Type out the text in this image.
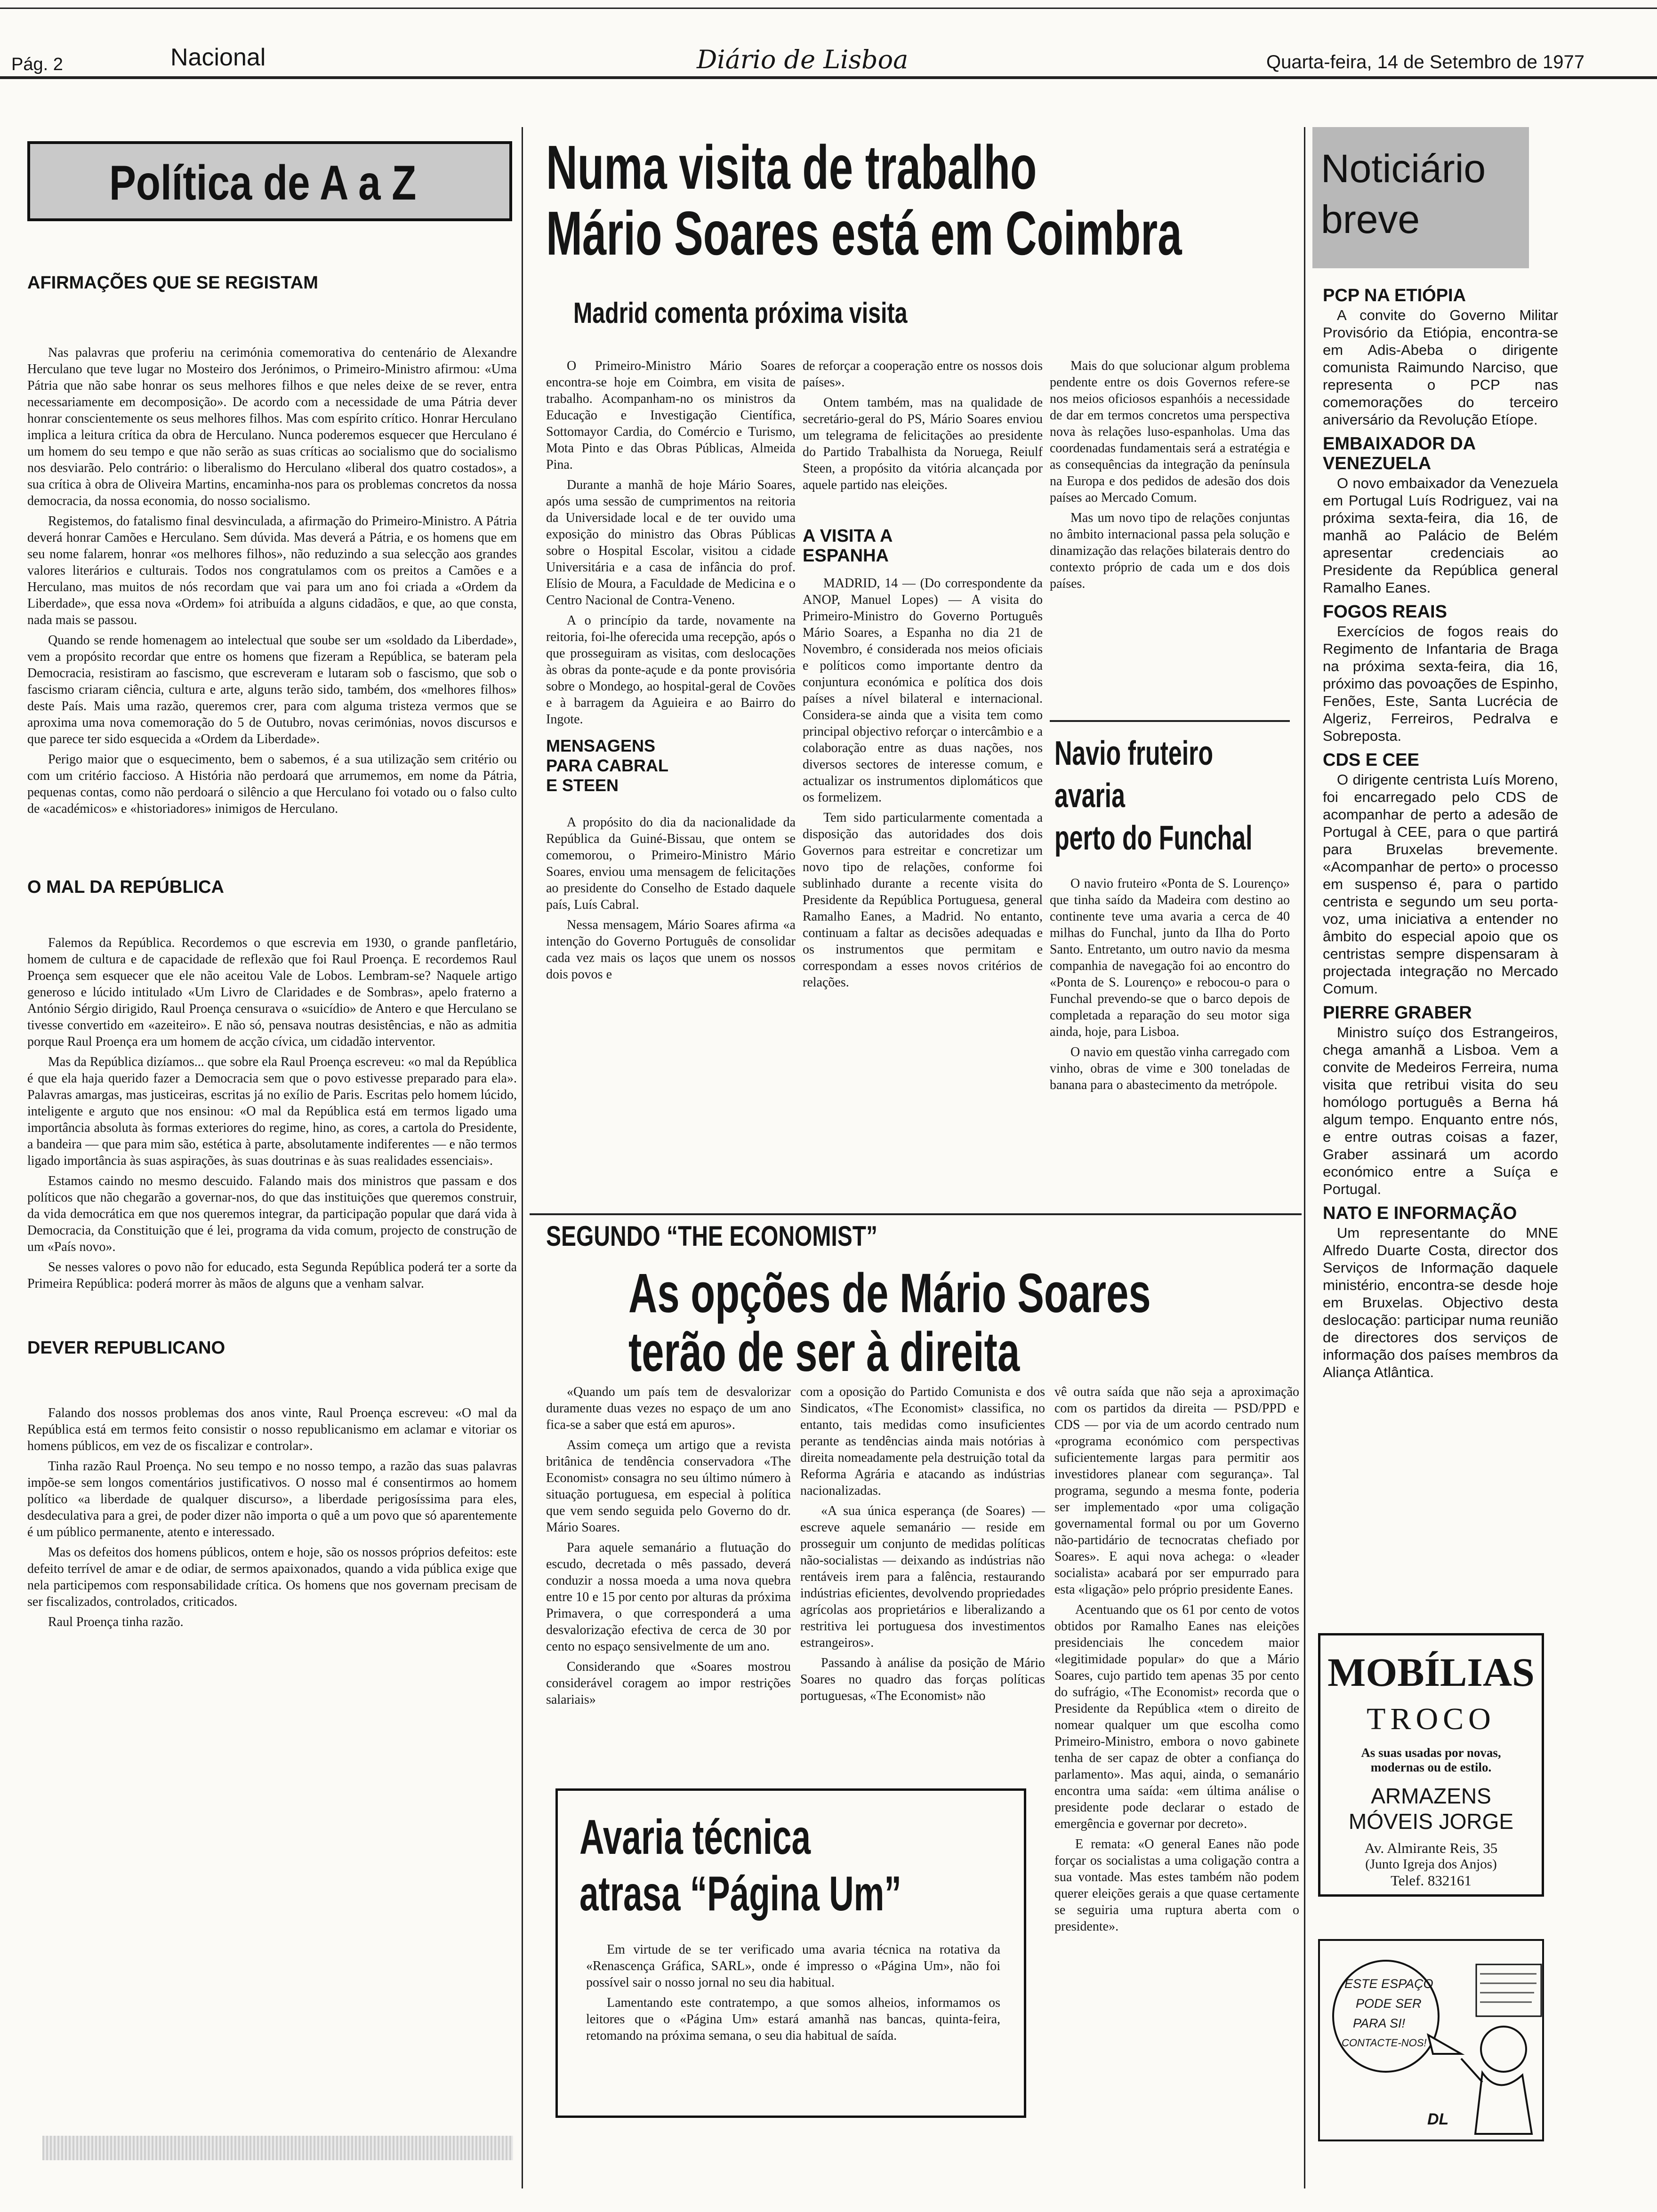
Pág. 2	Nacional	Diário de Lisboa	Quarta-feira, 14 de Setembro de 1977
Política de A a Z

AFIRMAÇÕES QUE SE REGISTAM

Nas palavras que proferiu na cerimónia comemorativa do centenário de Alexandre Herculano que teve lugar no Mosteiro dos Jerónimos, o Primeiro-Ministro afirmou: «Uma Pátria que não sabe honrar os seus melhores filhos e que neles deixe de se rever, entra necessariamente em decomposição». De acordo com a necessidade de uma Pátria dever honrar conscientemente os seus melhores filhos. Mas com espírito crítico. Honrar Herculano implica a leitura crítica da obra de Herculano. Nunca poderemos esquecer que Herculano é um homem do seu tempo e que não serão as suas críticas ao socialismo que do socialismo nos desviarão. Pelo contrário: o liberalismo do Herculano «liberal dos quatro costados», a sua crítica à obra de Oliveira Martins, encaminha-nos para os problemas concretos da nossa democracia, da nossa economia, do nosso socialismo.

Registemos, do fatalismo final desvinculada, a afirmação do Primeiro-Ministro. A Pátria deverá honrar Camões e Herculano. Sem dúvida. Mas deverá a Pátria, e os homens que em seu nome falarem, honrar «os melhores filhos», não reduzindo a sua selecção aos grandes valores literários e culturais. Todos nos congratulamos com os preitos a Camões e a Herculano, mas muitos de nós recordam que vai para um ano foi criada a «Ordem da Liberdade», que essa nova «Ordem» foi atribuída a alguns cidadãos, e que, ao que consta, nada mais se passou.

Quando se rende homenagem ao intelectual que soube ser um «soldado da Liberdade», vem a propósito recordar que entre os homens que fizeram a República, se bateram pela Democracia, resistiram ao fascismo, que escreveram e lutaram sob o fascismo, que sob o fascismo criaram ciência, cultura e arte, alguns terão sido, também, dos «melhores filhos» deste País. Mais uma razão, queremos crer, para com alguma tristeza vermos que se aproxima uma nova comemoração do 5 de Outubro, novas cerimónias, novos discursos e que parece ter sido esquecida a «Ordem da Liberdade».

Perigo maior que o esquecimento, bem o sabemos, é a sua utilização sem critério ou com um critério faccioso. A História não perdoará que arrumemos, em nome da Pátria, pequenas contas, como não perdoará o silêncio a que Herculano foi votado ou o falso culto de «académicos» e «historiadores» inimigos de Herculano.

O MAL DA REPÚBLICA

Falemos da República. Recordemos o que escrevia em 1930, o grande panfletário, homem de cultura e de capacidade de reflexão que foi Raul Proença. E recordemos Raul Proença sem esquecer que ele não aceitou Vale de Lobos. Lembram-se? Naquele artigo generoso e lúcido intitulado «Um Livro de Claridades e de Sombras», apelo fraterno a António Sérgio dirigido, Raul Proença censurava o «suicídio» de Antero e que Herculano se tivesse convertido em «azeiteiro». E não só, pensava noutras desistências, e não as admitia porque Raul Proença era um homem de acção cívica, um cidadão interventor.

Mas da República dizíamos... que sobre ela Raul Proença escreveu: «o mal da República é que ela haja querido fazer a Democracia sem que o povo estivesse preparado para ela». Palavras amargas, mas justiceiras, escritas já no exílio de Paris. Escritas pelo homem lúcido, inteligente e arguto que nos ensinou: «O mal da República está em termos ligado uma importância absoluta às formas exteriores do regime, hino, as cores, a cartola do Presidente, a bandeira — que para mim são, estética à parte, absolutamente indiferentes — e não termos ligado importância às suas aspirações, às suas doutrinas e às suas realidades essenciais».

Estamos caindo no mesmo descuido. Falando mais dos ministros que passam e dos políticos que não chegarão a governar-nos, do que das instituições que queremos construir, da vida democrática em que nos queremos integrar, da participação popular que dará vida à Democracia, da Constituição que é lei, programa da vida comum, projecto de construção de um «País novo».

Se nesses valores o povo não for educado, esta Segunda República poderá ter a sorte da Primeira República: poderá morrer às mãos de alguns que a venham salvar.

DEVER REPUBLICANO

Falando dos nossos problemas dos anos vinte, Raul Proença escreveu: «O mal da República está em termos feito consistir o nosso republicanismo em aclamar e vitoriar os homens públicos, em vez de os fiscalizar e controlar».

Tinha razão Raul Proença. No seu tempo e no nosso tempo, a razão das suas palavras impõe-se sem longos comentários justificativos. O nosso mal é consentirmos ao homem político «a liberdade de qualquer discurso», a liberdade perigosíssima para eles, desdeculativa para a grei, de poder dizer não importa o quê a um povo que só aparentemente é um público permanente, atento e interessado.

Mas os defeitos dos homens públicos, ontem e hoje, são os nossos próprios defeitos: este defeito terrível de amar e de odiar, de sermos apaixonados, quando a vida pública exige que nela participemos com responsabilidade crítica. Os homens que nos governam precisam de ser fiscalizados, controlados, criticados.

Raul Proença tinha razão.

Numa visita de trabalho
Mário Soares está em Coimbra
Madrid comenta próxima visita

O Primeiro-Ministro Mário Soares encontra-se hoje em Coimbra, em visita de trabalho. Acompanham-no os ministros da Educação e Investigação Científica, Sottomayor Cardia, do Comércio e Turismo, Mota Pinto e das Obras Públicas, Almeida Pina.

Durante a manhã de hoje Mário Soares, após uma sessão de cumprimentos na reitoria da Universidade local e de ter ouvido uma exposição do ministro das Obras Públicas sobre o Hospital Escolar, visitou a cidade Universitária e a casa de infância do prof. Elísio de Moura, a Faculdade de Medicina e o Centro Nacional de Contra-Veneno.

A o princípio da tarde, novamente na reitoria, foi-lhe oferecida uma recepção, após o que prosseguiram as visitas, com deslocações às obras da ponte-açude e da ponte provisória sobre o Mondego, ao hospital-geral de Covões e à barragem da Aguieira e ao Bairro do Ingote.

MENSAGENS PARA CABRAL E STEEN

A propósito do dia da nacionalidade da República da Guiné-Bissau, que ontem se comemorou, o Primeiro-Ministro Mário Soares, enviou uma mensagem de felicitações ao presidente do Conselho de Estado daquele país, Luís Cabral.

Nessa mensagem, Mário Soares afirma «a intenção do Governo Português de consolidar cada vez mais os laços que unem os nossos dois povos e

de reforçar a cooperação entre os nossos dois países».

Ontem também, mas na qualidade de secretário-geral do PS, Mário Soares enviou um telegrama de felicitações ao presidente do Partido Trabalhista da Noruega, Reiulf Steen, a propósito da vitória alcançada por aquele partido nas eleições.

A VISITA A ESPANHA

MADRID, 14 — (Do correspondente da ANOP, Manuel Lopes) — A visita do Primeiro-Ministro do Governo Português Mário Soares, a Espanha no dia 21 de Novembro, é considerada nos meios oficiais e políticos como importante dentro da conjuntura económica e política dos dois países a nível bilateral e internacional. Considera-se ainda que a visita tem como principal objectivo reforçar o intercâmbio e a colaboração entre as duas nações, nos diversos sectores de interesse comum, e actualizar os instrumentos diplomáticos que os formelizem.

Tem sido particularmente comentada a disposição das autoridades dos dois Governos para estreitar e concretizar um novo tipo de relações, conforme foi sublinhado durante a recente visita do Presidente da República Portuguesa, general Ramalho Eanes, a Madrid. No entanto, continuam a faltar as decisões adequadas e os instrumentos que permitam e correspondam a esses novos critérios de relações.

Mais do que solucionar algum problema pendente entre os dois Governos refere-se nos meios oficiosos espanhóis a necessidade de dar em termos concretos uma perspectiva nova às relações luso-espanholas. Uma das coordenadas fundamentais será a estratégia e as consequências da integração da península na Europa e dos pedidos de adesão dos dois países ao Mercado Comum.

Mas um novo tipo de relações conjuntas no âmbito internacional passa pela solução e dinamização das relações bilaterais dentro do contexto próprio de cada um e dos dois países.

Navio fruteiro
avaria
perto do Funchal

O navio fruteiro «Ponta de S. Lourenço» que tinha saído da Madeira com destino ao continente teve uma avaria a cerca de 40 milhas do Funchal, junto da Ilha do Porto Santo. Entretanto, um outro navio da mesma companhia de navegação foi ao encontro do «Ponta de S. Lourenço» e rebocou-o para o Funchal prevendo-se que o barco depois de completada a reparação do seu motor siga ainda, hoje, para Lisboa.

O navio em questão vinha carregado com vinho, obras de vime e 300 toneladas de banana para o abastecimento da metrópole.

SEGUNDO “THE ECONOMIST”
As opções de Mário Soares
terão de ser à direita

«Quando um país tem de desvalorizar duramente duas vezes no espaço de um ano fica-se a saber que está em apuros».

Assim começa um artigo que a revista britânica de tendência conservadora «The Economist» consagra no seu último número à situação portuguesa, em especial à política que vem sendo seguida pelo Governo do dr. Mário Soares.

Para aquele semanário a flutuação do escudo, decretada o mês passado, deverá conduzir a nossa moeda a uma nova quebra entre 10 e 15 por cento por alturas da próxima Primavera, o que corresponderá a uma desvalorização efectiva de cerca de 30 por cento no espaço sensivelmente de um ano.

Considerando que «Soares mostrou considerável coragem ao impor restrições salariais»

com a oposição do Partido Comunista e dos Sindicatos, «The Economist» classifica, no entanto, tais medidas como insuficientes perante as tendências ainda mais notórias à direita nomeadamente pela destruição total da Reforma Agrária e atacando as indústrias nacionalizadas.

«A sua única esperança (de Soares) — escreve aquele semanário — reside em prosseguir um conjunto de medidas políticas não-socialistas — deixando as indústrias não rentáveis irem para a falência, restaurando indústrias eficientes, devolvendo propriedades agrícolas aos proprietários e liberalizando a restritiva lei portuguesa dos investimentos estrangeiros».

Passando à análise da posição de Mário Soares no quadro das forças políticas portuguesas, «The Economist» não

vê outra saída que não seja a aproximação com os partidos da direita — PSD/PPD e CDS — por via de um acordo centrado num «programa económico com perspectivas suficientemente largas para permitir aos investidores planear com segurança». Tal programa, segundo a mesma fonte, poderia ser implementado «por uma coligação governamental formal ou por um Governo não-partidário de tecnocratas chefiado por Soares». E aqui nova achega: o «leader socialista» acabará por ser empurrado para esta «ligação» pelo próprio presidente Eanes.

Acentuando que os 61 por cento de votos obtidos por Ramalho Eanes nas eleições presidenciais lhe concedem maior «legitimidade popular» do que a Mário Soares, cujo partido tem apenas 35 por cento do sufrágio, «The Economist» recorda que o Presidente da República «tem o direito de nomear qualquer um que escolha como Primeiro-Ministro, embora o novo gabinete tenha de ser capaz de obter a confiança do parlamento». Mas aqui, ainda, o semanário encontra uma saída: «em última análise o presidente pode declarar o estado de emergência e governar por decreto».

E remata: «O general Eanes não pode forçar os socialistas a uma coligação contra a sua vontade. Mas estes também não podem querer eleições gerais a que quase certamente se seguiria uma ruptura aberta com o presidente».

Avaria técnica
atrasa “Página Um”

Em virtude de se ter verificado uma avaria técnica na rotativa da «Renascença Gráfica, SARL», onde é impresso o «Página Um», não foi possível sair o nosso jornal no seu dia habitual.

Lamentando este contratempo, a que somos alheios, informamos os leitores que o «Página Um» estará amanhã nas bancas, quinta-feira, retomando na próxima semana, o seu dia habitual de saída.

Noticiário
breve

PCP NA ETIÓPIA

A convite do Governo Militar Provisório da Etiópia, encontra-se em Adis-Abeba o dirigente comunista Raimundo Narciso, que representa o PCP nas comemorações do terceiro aniversário da Revolução Etíope.

EMBAIXADOR DA VENEZUELA

O novo embaixador da Venezuela em Portugal Luís Rodriguez, vai na próxima sexta-feira, dia 16, de manhã ao Palácio de Belém apresentar credenciais ao Presidente da República general Ramalho Eanes.

FOGOS REAIS

Exercícios de fogos reais do Regimento de Infantaria de Braga na próxima sexta-feira, dia 16, próximo das povoações de Espinho, Fenões, Este, Santa Lucrécia de Algeriz, Ferreiros, Pedralva e Sobreposta.

CDS E CEE

O dirigente centrista Luís Moreno, foi encarregado pelo CDS de acompanhar de perto a adesão de Portugal à CEE, para o que partirá para Bruxelas brevemente. «Acompanhar de perto» o processo em suspenso é, para o partido centrista e segundo um seu porta-voz, uma iniciativa a entender no âmbito do especial apoio que os centristas sempre dispensaram à projectada integração no Mercado Comum.

PIERRE GRABER

Ministro suíço dos Estrangeiros, chega amanhã a Lisboa. Vem a convite de Medeiros Ferreira, numa visita que retribui visita do seu homólogo português a Berna há algum tempo. Enquanto entre nós, e entre outras coisas a fazer, Graber assinará um acordo económico entre a Suíça e Portugal.

NATO E INFORMAÇÃO

Um representante do MNE Alfredo Duarte Costa, director dos Serviços de Informação daquele ministério, encontra-se desde hoje em Bruxelas. Objectivo desta deslocação: participar numa reunião de directores dos serviços de informação dos países membros da Aliança Atlântica.

MOBÍLIAS

TROCO

As suas usadas por novas,

modernas ou de estilo.

ARMAZENS

MÓVEIS JORGE

Av. Almirante Reis, 35

(Junto Igreja dos Anjos)

Telef. 832161

ESTE ESPAÇO
PODE SER
PARA SI!
CONTACTE-NOS!
DL
